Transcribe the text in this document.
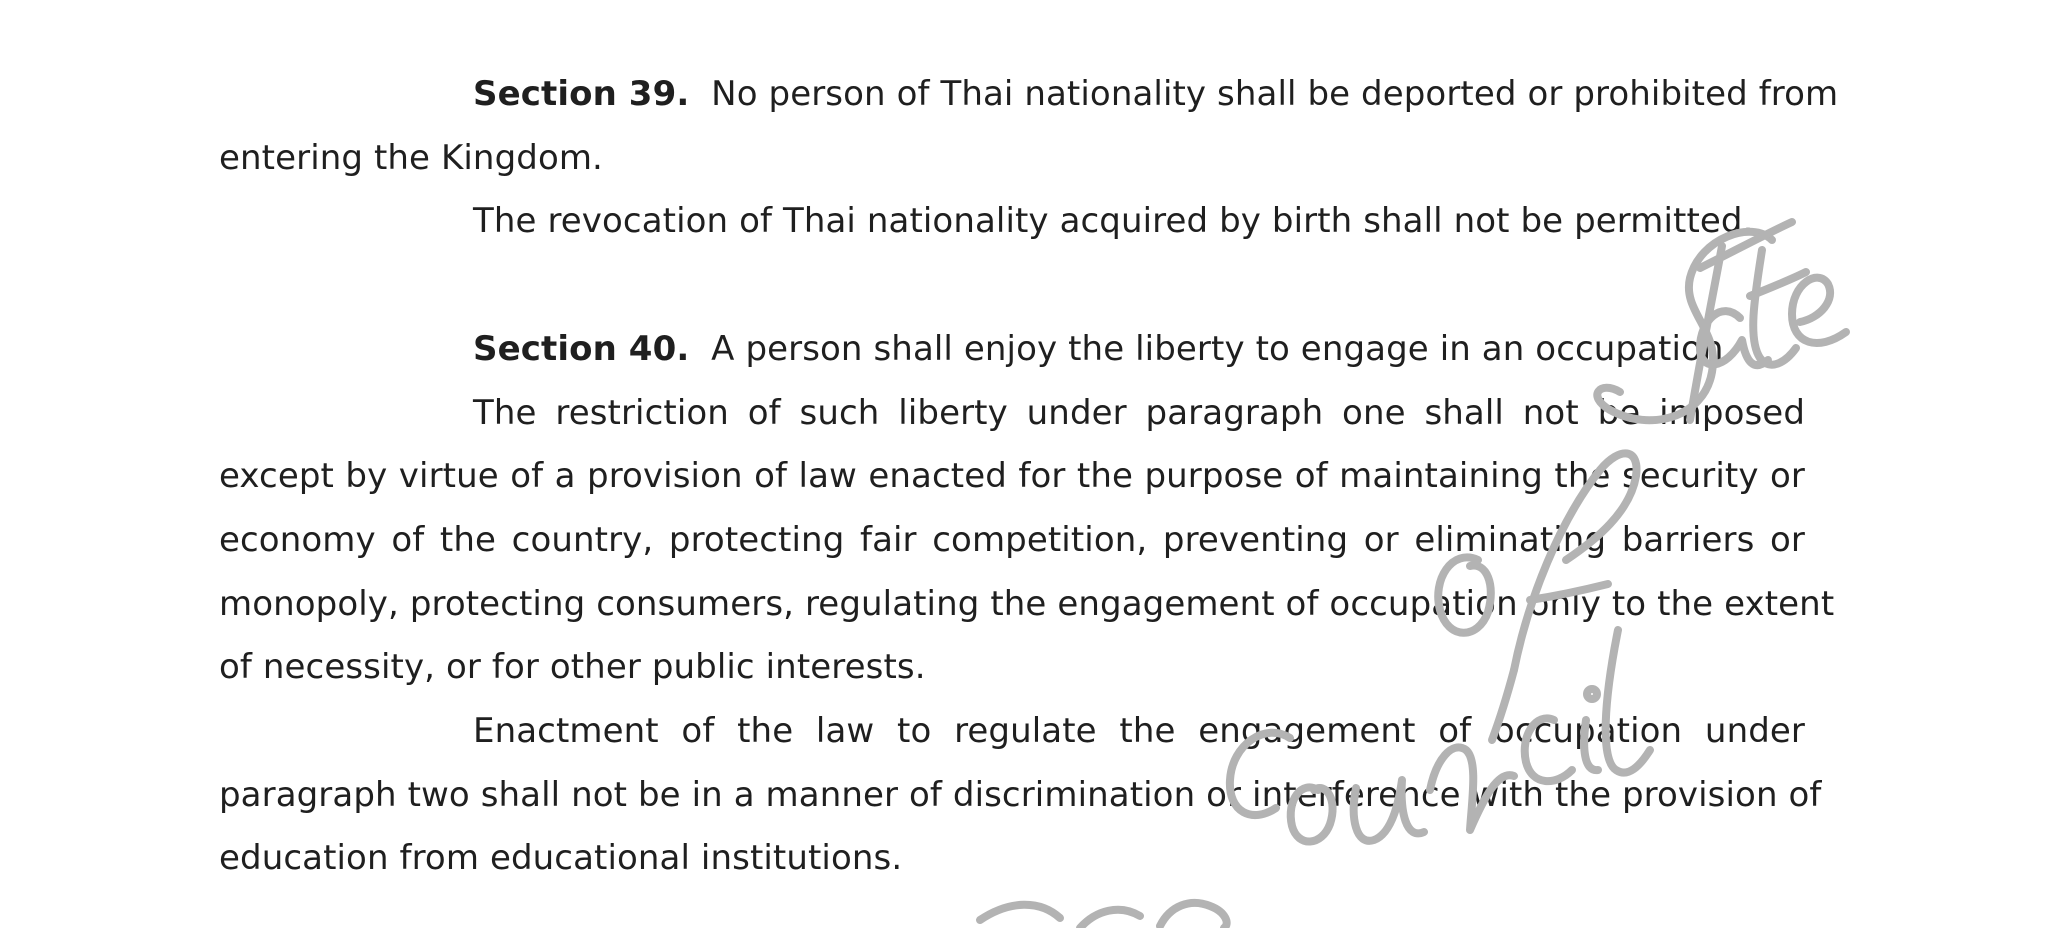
Section 39. No person of Thai nationality shall be deported or prohibited from
entering the Kingdom.
The revocation of Thai nationality acquired by birth shall not be permitted.
Section 40. A person shall enjoy the liberty to engage in an occupation.
The restriction of such liberty under paragraph one shall not be imposed
except by virtue of a provision of law enacted for the purpose of maintaining the security or
economy of the country, protecting fair competition, preventing or eliminating barriers or
monopoly, protecting consumers, regulating the engagement of occupation only to the extent
of necessity, or for other public interests.
Enactment of the law to regulate the engagement of occupation under
paragraph two shall not be in a manner of discrimination or interference with the provision of
education from educational institutions.
